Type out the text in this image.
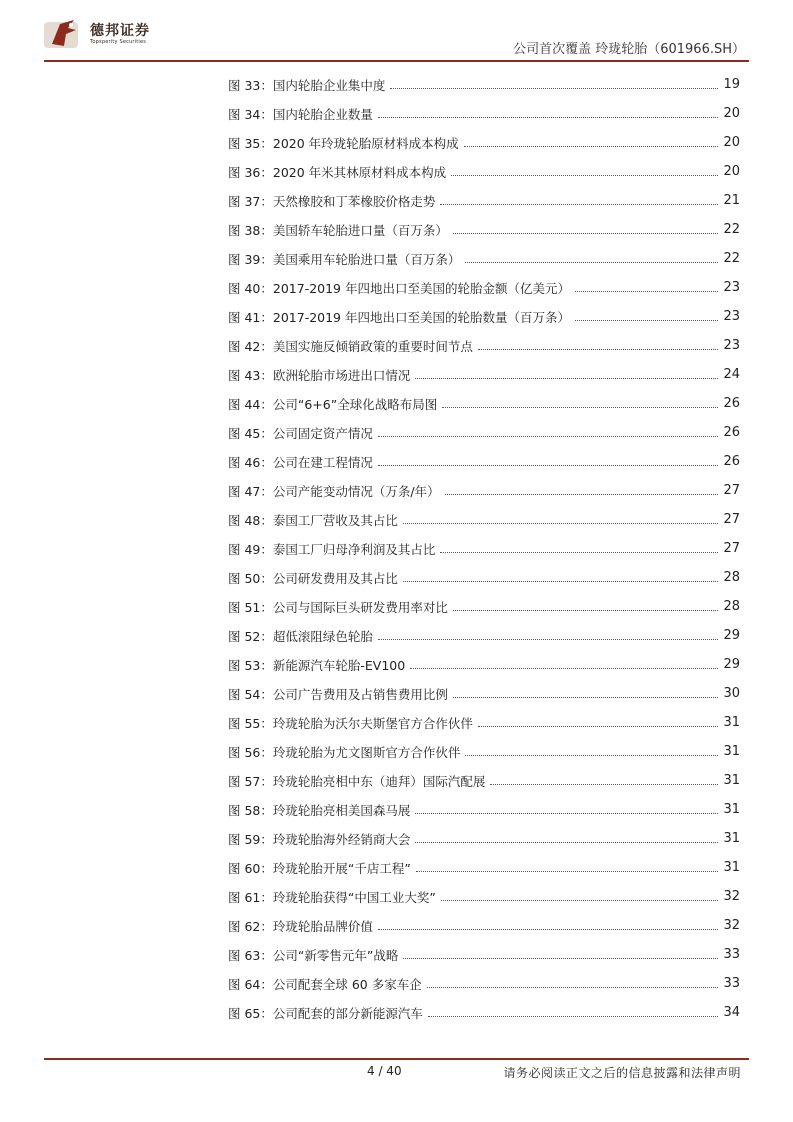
德邦证券
Topsperity Securities	公司首次覆盖 玲珑轮胎（601966.SH）
图 33：国内轮胎企业集中度	19
图 34：国内轮胎企业数量	20
图 35：2020 年玲珑轮胎原材料成本构成	20
图 36：2020 年米其林原材料成本构成	20
图 37：天然橡胶和丁苯橡胶价格走势	21
图 38：美国轿车轮胎进口量（百万条）	22
图 39：美国乘用车轮胎进口量（百万条）	22
图 40：2017-2019 年四地出口至美国的轮胎金额（亿美元）	23
图 41：2017-2019 年四地出口至美国的轮胎数量（百万条）	23
图 42：美国实施反倾销政策的重要时间节点	23
图 43：欧洲轮胎市场进出口情况	24
图 44：公司“6+6”全球化战略布局图	26
图 45：公司固定资产情况	26
图 46：公司在建工程情况	26
图 47：公司产能变动情况（万条/年）	27
图 48：泰国工厂营收及其占比	27
图 49：泰国工厂归母净利润及其占比	27
图 50：公司研发费用及其占比	28
图 51：公司与国际巨头研发费用率对比	28
图 52：超低滚阻绿色轮胎	29
图 53：新能源汽车轮胎-EV100	29
图 54：公司广告费用及占销售费用比例	30
图 55：玲珑轮胎为沃尔夫斯堡官方合作伙伴	31
图 56：玲珑轮胎为尤文图斯官方合作伙伴	31
图 57：玲珑轮胎亮相中东（迪拜）国际汽配展	31
图 58：玲珑轮胎亮相美国森马展	31
图 59：玲珑轮胎海外经销商大会	31
图 60：玲珑轮胎开展“千店工程”	31
图 61：玲珑轮胎获得“中国工业大奖”	32
图 62：玲珑轮胎品牌价值	32
图 63：公司“新零售元年”战略	33
图 64：公司配套全球 60 多家车企	33
图 65：公司配套的部分新能源汽车	34
4 / 40	请务必阅读正文之后的信息披露和法律声明
